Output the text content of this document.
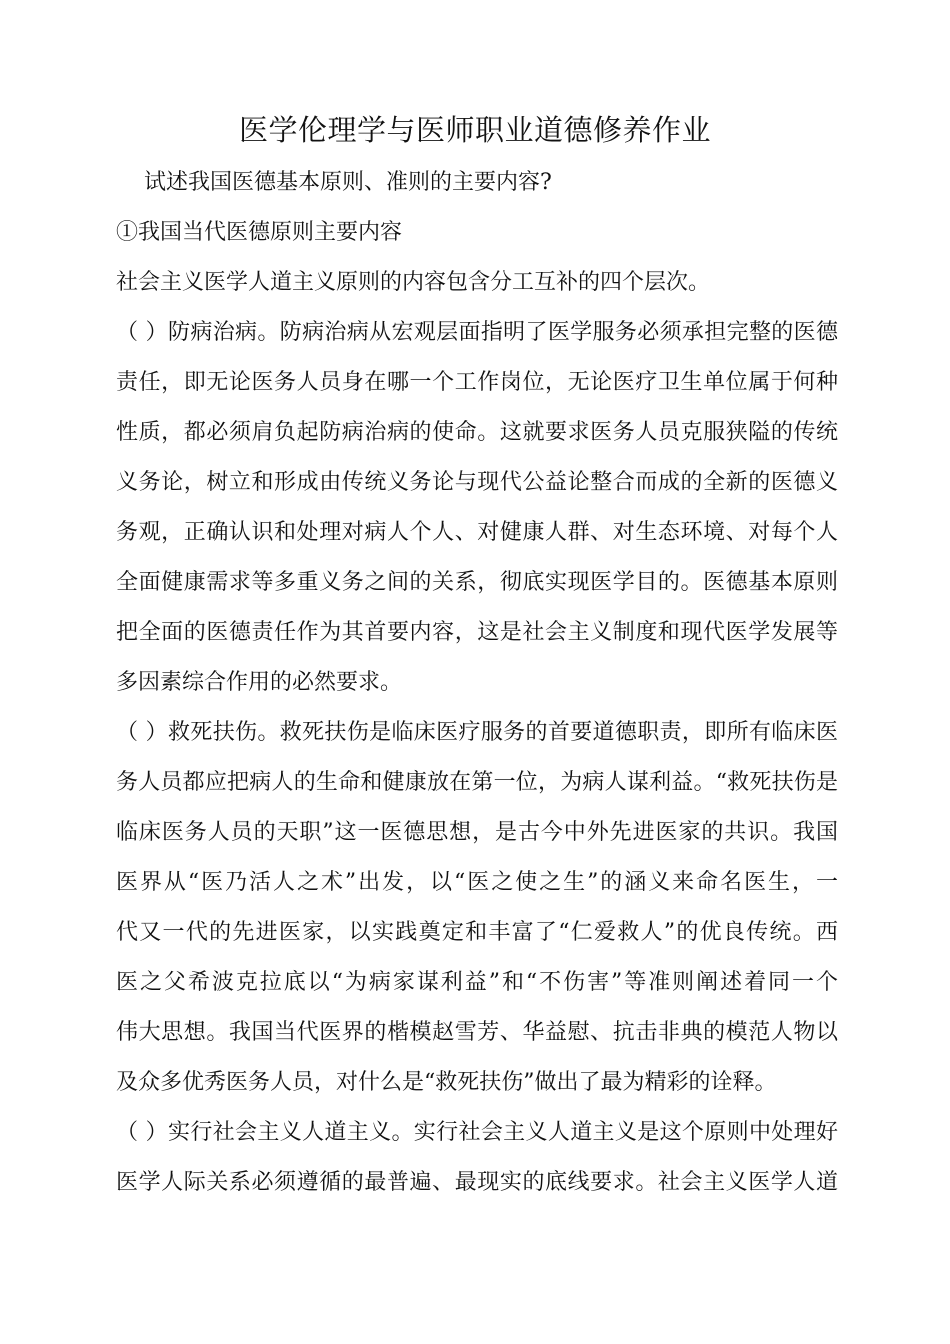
医学伦理学与医师职业道德修养作业
试述我国医德基本原则、准则的主要内容?
①我国当代医德原则主要内容
社会主义医学人道主义原则的内容包含分工互补的四个层次。
（ ）防病治病。防病治病从宏观层面指明了医学服务必须承担完整的医德
责任，即无论医务人员身在哪一个工作岗位，无论医疗卫生单位属于何种
性质，都必须肩负起防病治病的使命。这就要求医务人员克服狭隘的传统
义务论，树立和形成由传统义务论与现代公益论整合而成的全新的医德义
务观，正确认识和处理对病人个人、对健康人群、对生态环境、对每个人
全面健康需求等多重义务之间的关系，彻底实现医学目的。医德基本原则
把全面的医德责任作为其首要内容，这是社会主义制度和现代医学发展等
多因素综合作用的必然要求。
（ ）救死扶伤。救死扶伤是临床医疗服务的首要道德职责，即所有临床医
务人员都应把病人的生命和健康放在第一位，为病人谋利益。“救死扶伤是
临床医务人员的天职”这一医德思想，是古今中外先进医家的共识。我国
医界从“医乃活人之术”出发，以“医之使之生”的涵义来命名医生，一
代又一代的先进医家，以实践奠定和丰富了“仁爱救人”的优良传统。西
医之父希波克拉底以“为病家谋利益”和“不伤害”等准则阐述着同一个
伟大思想。我国当代医界的楷模赵雪芳、华益慰、抗击非典的模范人物以
及众多优秀医务人员，对什么是“救死扶伤”做出了最为精彩的诠释。
（ ）实行社会主义人道主义。实行社会主义人道主义是这个原则中处理好
医学人际关系必须遵循的最普遍、最现实的底线要求。社会主义医学人道
